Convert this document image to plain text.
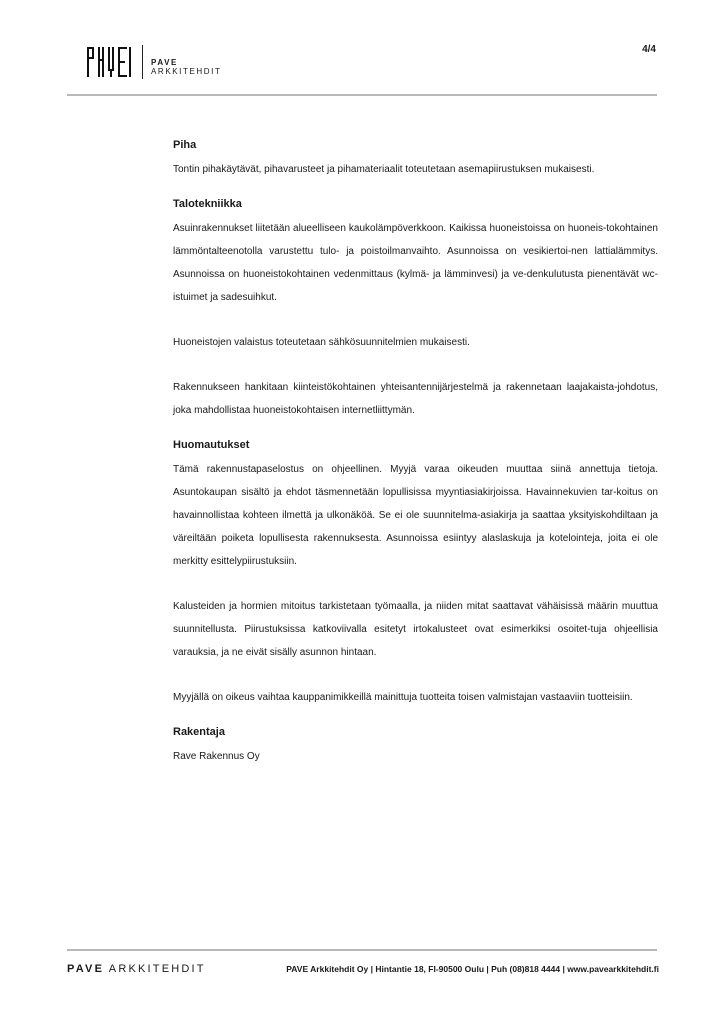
PAVE
ARKKITEHDIT
4/4
Piha

Tontin pihakäytävät, pihavarusteet ja pihamateriaalit toteutetaan asemapiirustuksen mukaisesti.

Talotekniikka

Asuinrakennukset liitetään alueelliseen kaukolämpöverkkoon. Kaikissa huoneistoissa on huoneis-tokohtainen lämmöntalteenotolla varustettu tulo- ja poistoilmanvaihto. Asunnoissa on vesikiertoi-nen lattialämmitys. Asunnoissa on huoneistokohtainen vedenmittaus (kylmä- ja lämminvesi) ja ve-denkulutusta pienentävät wc-istuimet ja sadesuihkut.

Huoneistojen valaistus toteutetaan sähkösuunnitelmien mukaisesti.

Rakennukseen hankitaan kiinteistökohtainen yhteisantennijärjestelmä ja rakennetaan laajakaista-johdotus, joka mahdollistaa huoneistokohtaisen internetliittymän.

Huomautukset

Tämä rakennustapaselostus on ohjeellinen. Myyjä varaa oikeuden muuttaa siinä annettuja tietoja. Asuntokaupan sisältö ja ehdot täsmennetään lopullisissa myyntiasiakirjoissa. Havainnekuvien tar-koitus on havainnollistaa kohteen ilmettä ja ulkonäköä. Se ei ole suunnitelma-asiakirja ja saattaa yksityiskohdiltaan ja väreiltään poiketa lopullisesta rakennuksesta. Asunnoissa esiintyy alaslaskuja ja kotelointeja, joita ei ole merkitty esittelypiirustuksiin.

Kalusteiden ja hormien mitoitus tarkistetaan työmaalla, ja niiden mitat saattavat vähäisissä määrin muuttua suunnitellusta. Piirustuksissa katkoviivalla esitetyt irtokalusteet ovat esimerkiksi osoitet-tuja ohjeellisia varauksia, ja ne eivät sisälly asunnon hintaan.

Myyjällä on oikeus vaihtaa kauppanimikkeillä mainittuja tuotteita toisen valmistajan vastaaviin tuotteisiin.

Rakentaja

Rave Rakennus Oy

PAVE ARKKITEHDIT	PAVE Arkkitehdit Oy | Hintantie 18, FI-90500 Oulu | Puh (08)818 4444 | www.pavearkkitehdit.fi
